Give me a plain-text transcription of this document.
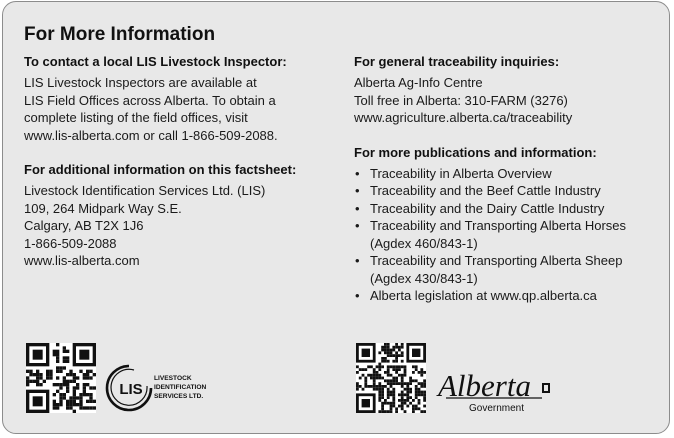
For More Information
To contact a local LIS Livestock Inspector:
LIS Livestock Inspectors are available at
LIS Field Offices across Alberta. To obtain a
complete listing of the field offices, visit
www.lis-alberta.com or call 1-866-509-2088.
For additional information on this factsheet:
Livestock Identification Services Ltd. (LIS)
109, 264 Midpark Way S.E.
Calgary, AB T2X 1J6
1-866-509-2088
www.lis-alberta.com
For general traceability inquiries:
Alberta Ag-Info Centre
Toll free in Alberta: 310-FARM (3276)
www.agriculture.alberta.ca/traceability
For more publications and information:
• Traceability in Alberta Overview
• Traceability and the Beef Cattle Industry
• Traceability and the Dairy Cattle Industry
• Traceability and Transporting Alberta Horses
(Agdex 460/843-1)
• Traceability and Transporting Alberta Sheep
(Agdex 430/843-1)
• Alberta legislation at www.qp.alberta.ca
LIS
LIVESTOCK
IDENTIFICATION
SERVICES LTD.	Alberta
Government
